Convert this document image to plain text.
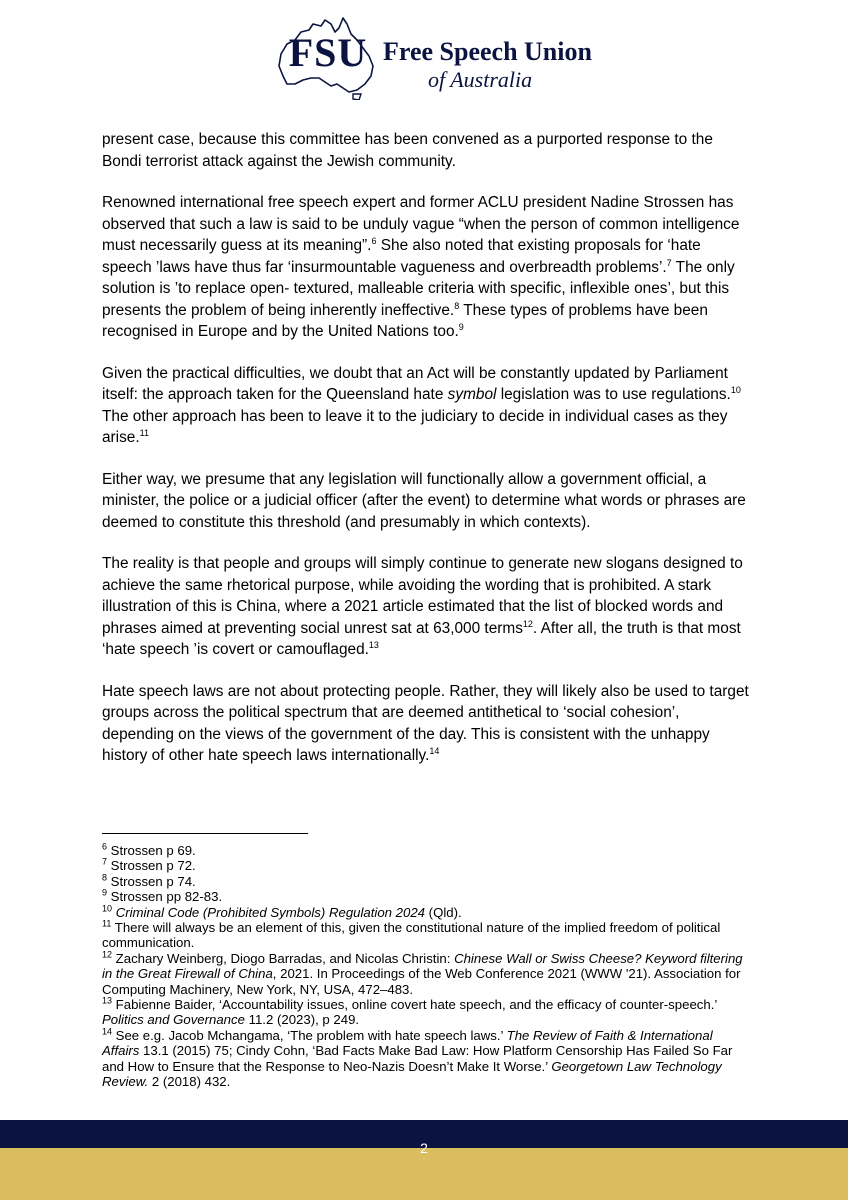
FSU Free Speech Union
of Australia

present case, because this committee has been convened as a purported response to the Bondi terrorist attack against the Jewish community.

Renowned international free speech expert and former ACLU president Nadine Strossen has observed that such a law is said to be unduly vague “when the person of common intelligence must necessarily guess at its meaning”.$^6$ She also noted that existing proposals for ‘hate speech ’laws have thus far ‘insurmountable vagueness and overbreadth problems’.$^7$ The only solution is ’to replace open- textured, malleable criteria with specific, inflexible ones’, but this presents the problem of being inherently ineffective.$^8$ These types of problems have been recognised in Europe and by the United Nations too.$^9$

Given the practical difficulties, we doubt that an Act will be constantly updated by Parliament itself: the approach taken for the Queensland hate symbol legislation was to use regulations.$^{10}$ The other approach has been to leave it to the judiciary to decide in individual cases as they arise.$^{11}$

Either way, we presume that any legislation will functionally allow a government official, a minister, the police or a judicial officer (after the event) to determine what words or phrases are deemed to constitute this threshold (and presumably in which contexts).

The reality is that people and groups will simply continue to generate new slogans designed to achieve the same rhetorical purpose, while avoiding the wording that is prohibited. A stark illustration of this is China, where a 2021 article estimated that the list of blocked words and phrases aimed at preventing social unrest sat at 63,000 terms$^{12}$. After all, the truth is that most ‘hate speech ’is covert or camouflaged.$^{13}$

Hate speech laws are not about protecting people. Rather, they will likely also be used to target groups across the political spectrum that are deemed antithetical to ‘social cohesion’, depending on the views of the government of the day. This is consistent with the unhappy history of other hate speech laws internationally.$^{14}$

$^6$ Strossen p 69.

$^7$ Strossen p 72.

$^8$ Strossen p 74.

$^9$ Strossen pp 82-83.

$^{10}$ Criminal Code (Prohibited Symbols) Regulation 2024 (Qld).

$^{11}$ There will always be an element of this, given the constitutional nature of the implied freedom of political communication.

$^{12}$ Zachary Weinberg, Diogo Barradas, and Nicolas Christin: Chinese Wall or Swiss Cheese? Keyword filtering in the Great Firewall of China, 2021. In Proceedings of the Web Conference 2021 (WWW '21). Association for Computing Machinery, New York, NY, USA, 472–483.

$^{13}$ Fabienne Baider, ‘Accountability issues, online covert hate speech, and the efficacy of counter-speech.’ Politics and Governance 11.2 (2023), p 249.

$^{14}$ See e.g. Jacob Mchangama, ‘The problem with hate speech laws.’ The Review of Faith & International Affairs 13.1 (2015) 75; Cindy Cohn, ‘Bad Facts Make Bad Law: How Platform Censorship Has Failed So Far and How to Ensure that the Response to Neo-Nazis Doesn’t Make It Worse.’ Georgetown Law Technology Review. 2 (2018) 432.

2
